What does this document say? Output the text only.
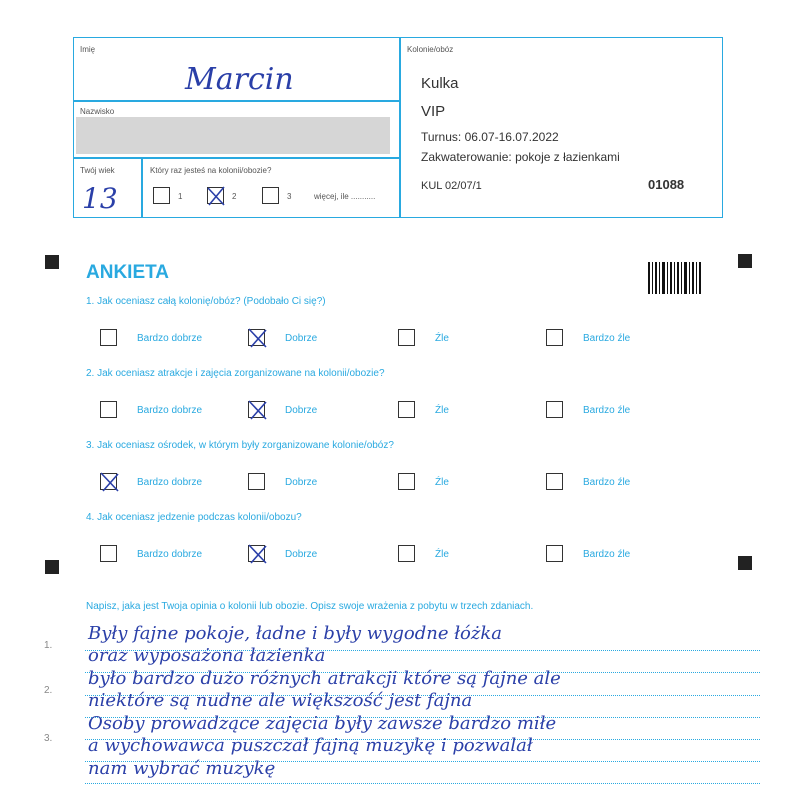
Imię
Marcin
Nazwisko
Twój wiek
13
Który raz jesteś na kolonii/obozie?
1	2	3	więcej, ile ...........
Kolonie/obóz
Kulka
VIP
Turnus: 06.07-16.07.2022
Zakwaterowanie: pokoje z łazienkami
KUL 02/07/1	01088
ANKIETA
1. Jak oceniasz całą kolonię/obóz? (Podobało Ci się?)
Bardzo dobrze	Dobrze	Źle	Bardzo źle
2. Jak oceniasz atrakcje i zajęcia zorganizowane na kolonii/obozie?
Bardzo dobrze	Dobrze	Źle	Bardzo źle
3. Jak oceniasz ośrodek, w którym były zorganizowane kolonie/obóz?
Bardzo dobrze	Dobrze	Źle	Bardzo źle
4. Jak oceniasz jedzenie podczas kolonii/obozu?
Bardzo dobrze	Dobrze	Źle	Bardzo źle
Napisz, jaka jest Twoja opinia o kolonii lub obozie. Opisz swoje wrażenia z pobytu w trzech zdaniach.
1.
2.
3.
Były fajne pokoje, ładne i były wygodne łóżka
oraz wyposażona łazienka
było bardzo dużo różnych atrakcji które są fajne ale
niektóre są nudne ale większość jest fajna
Osoby prowadzące zajęcia były zawsze bardzo miłe
a wychowawca puszczał fajną muzykę i pozwalał
nam wybrać muzykę
